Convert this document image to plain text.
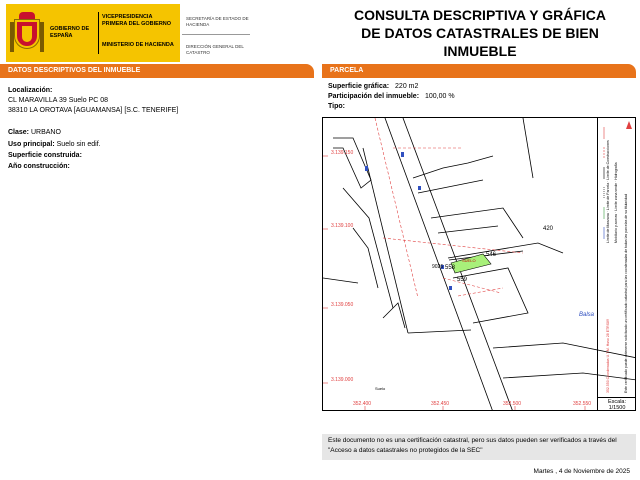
GOBIERNO DE ESPAÑA
VICEPRESIDENCIA PRIMERA DEL GOBIERNO
MINISTERIO DE HACIENDA
SECRETARÍA DE ESTADO DE HACIENDA
DIRECCIÓN GENERAL DEL CATASTRO
CONSULTA DESCRIPTIVA Y GRÁFICA
DE DATOS CATASTRALES DE BIEN INMUEBLE
DATOS DESCRIPTIVOS DEL INMUEBLE	PARCELA
Localización:
CL MARAVILLA 39 Suelo PC 08
38310 LA OROTAVA [AGUAMANSA] [S.C. TENERIFE]
Clase: URBANO
Uso principal: Suelo sin edif.
Superficie construida:
Año construcción:
Superficie gráfica: 220 m2
Participación del inmueble: 100,00 %
Tipo:
3.139.150
3.139.100
3.139.050
3.139.000
352.400	352.450	352.500	352.550
420
546
558
559
9026
SUELO
Balsa
Suelo
Límite de Manzana · Límite de Parcela · Límite de Construcciones
Mobiliario y aceras · Límite zona verde · Hidrografía
Este certificado puede obtenerse solicitando un certificado catastral para las coordenadas de todas las parcelas de su titularidad
352.550 Coordenadas U.T.M. Huso 28 ETRS89
Escala:
1/1500
Este documento no es una certificación catastral, pero sus datos pueden ser verificados a través del "Acceso a datos catastrales no protegidos de la SEC"
Martes , 4 de Noviembre de 2025
